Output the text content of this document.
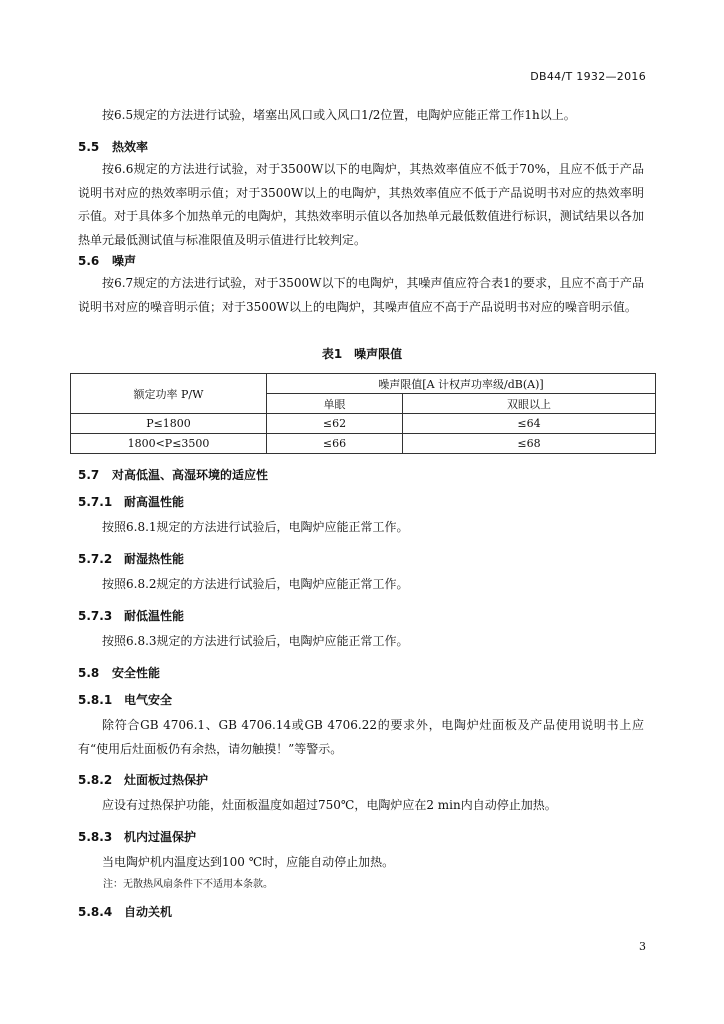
DB44/T 1932—2016
按6.5规定的方法进行试验，堵塞出风口或入风口1/2位置，电陶炉应能正常工作1h以上。
5.5 热效率
按6.6规定的方法进行试验，对于3500W以下的电陶炉，其热效率值应不低于70%，且应不低于产品说明书对应的热效率明示值；对于3500W以上的电陶炉，其热效率值应不低于产品说明书对应的热效率明示值。对于具体多个加热单元的电陶炉，其热效率明示值以各加热单元最低数值进行标识，测试结果以各加热单元最低测试值与标准限值及明示值进行比较判定。
5.6 噪声
按6.7规定的方法进行试验，对于3500W以下的电陶炉，其噪声值应符合表1的要求，且应不高于产品说明书对应的噪音明示值；对于3500W以上的电陶炉，其噪声值应不高于产品说明书对应的噪音明示值。
表1　噪声限值
额定功率 P/W	噪声限值[A 计权声功率级/dB(A)]	
	单眼	双眼以上
P≤1800	≤62	≤64
1800<P≤3500	≤66	≤68
5.7 对高低温、高湿环境的适应性
5.7.1 耐高温性能
按照6.8.1规定的方法进行试验后，电陶炉应能正常工作。
5.7.2 耐湿热性能
按照6.8.2规定的方法进行试验后，电陶炉应能正常工作。
5.7.3 耐低温性能
按照6.8.3规定的方法进行试验后，电陶炉应能正常工作。
5.8 安全性能
5.8.1 电气安全
除符合GB 4706.1、GB 4706.14或GB 4706.22的要求外，电陶炉灶面板及产品使用说明书上应有“使用后灶面板仍有余热，请勿触摸！”等警示。
5.8.2 灶面板过热保护
应设有过热保护功能，灶面板温度如超过750℃，电陶炉应在2 min内自动停止加热。
5.8.3 机内过温保护
当电陶炉机内温度达到100 ℃时，应能自动停止加热。
注：无散热风扇条件下不适用本条款。
5.8.4 自动关机
3
